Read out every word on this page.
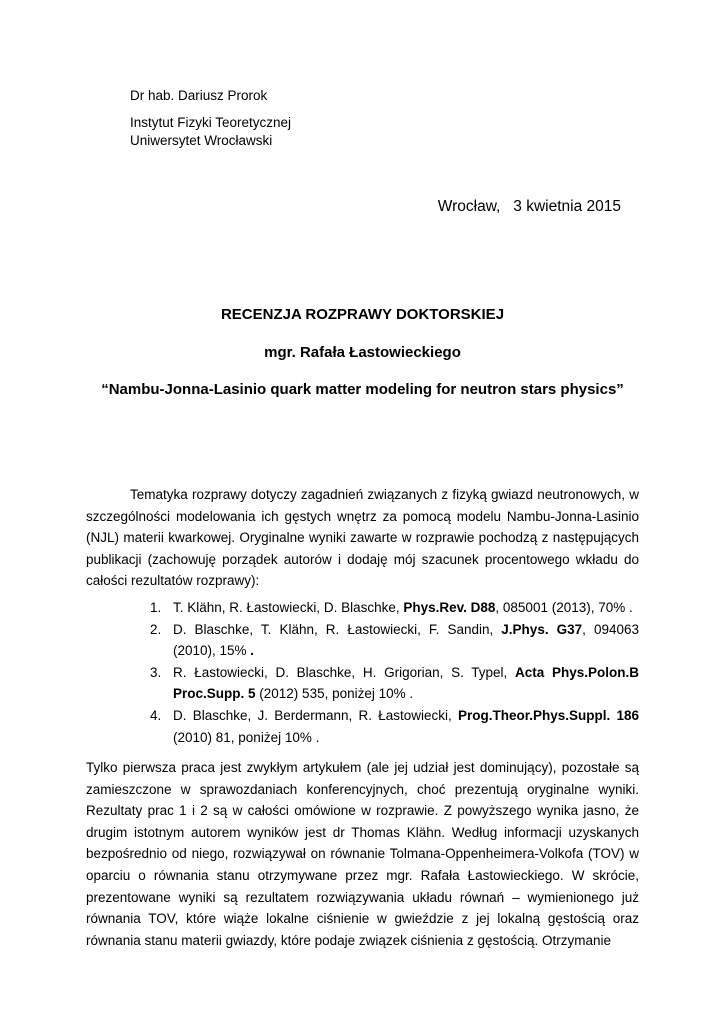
Dr hab. Dariusz Prorok

Instytut Fizyki Teoretycznej

Uniwersytet Wrocławski

Wrocław,   3 kwietnia 2015
RECENZJA ROZPRAWY DOKTORSKIEJ
mgr. Rafała Łastowieckiego
“Nambu-Jonna-Lasinio quark matter modeling for neutron stars physics”

Tematyka rozprawy dotyczy zagadnień związanych z fizyką gwiazd neutronowych, w szczególności modelowania ich gęstych wnętrz za pomocą modelu Nambu-Jonna-Lasinio (NJL) materii kwarkowej. Oryginalne wyniki zawarte w rozprawie pochodzą z następujących publikacji (zachowuję porządek autorów i dodaję mój szacunek procentowego wkładu do całości rezultatów rozprawy):

1. T. Klähn, R. Łastowiecki, D. Blaschke, Phys.Rev. D88, 085001 (2013), 70% .
2. D. Blaschke, T. Klähn, R. Łastowiecki, F. Sandin, J.Phys. G37, 094063 (2010), 15% .
3. R. Łastowiecki, D. Blaschke, H. Grigorian, S. Typel, Acta Phys.Polon.B Proc.Supp. 5 (2012) 535, poniżej 10% .
4. D. Blaschke, J. Berdermann, R. Łastowiecki, Prog.Theor.Phys.Suppl. 186 (2010) 81, poniżej 10% .

Tylko pierwsza praca jest zwykłym artykułem (ale jej udział jest dominujący), pozostałe są zamieszczone w sprawozdaniach konferencyjnych, choć prezentują oryginalne wyniki. Rezultaty prac 1 i 2 są w całości omówione w rozprawie. Z powyższego wynika jasno, że drugim istotnym autorem wyników jest dr Thomas Klähn. Według informacji uzyskanych bezpośrednio od niego, rozwiązywał on równanie Tolmana-Oppenheimera-Volkofa (TOV) w oparciu o równania stanu otrzymywane przez mgr. Rafała Łastowieckiego. W skrócie, prezentowane wyniki są rezultatem rozwiązywania układu równań – wymienionego już równania TOV, które wiąże lokalne ciśnienie w gwieździe z jej lokalną gęstością oraz równania stanu materii gwiazdy, które podaje związek ciśnienia z gęstością. Otrzymanie
